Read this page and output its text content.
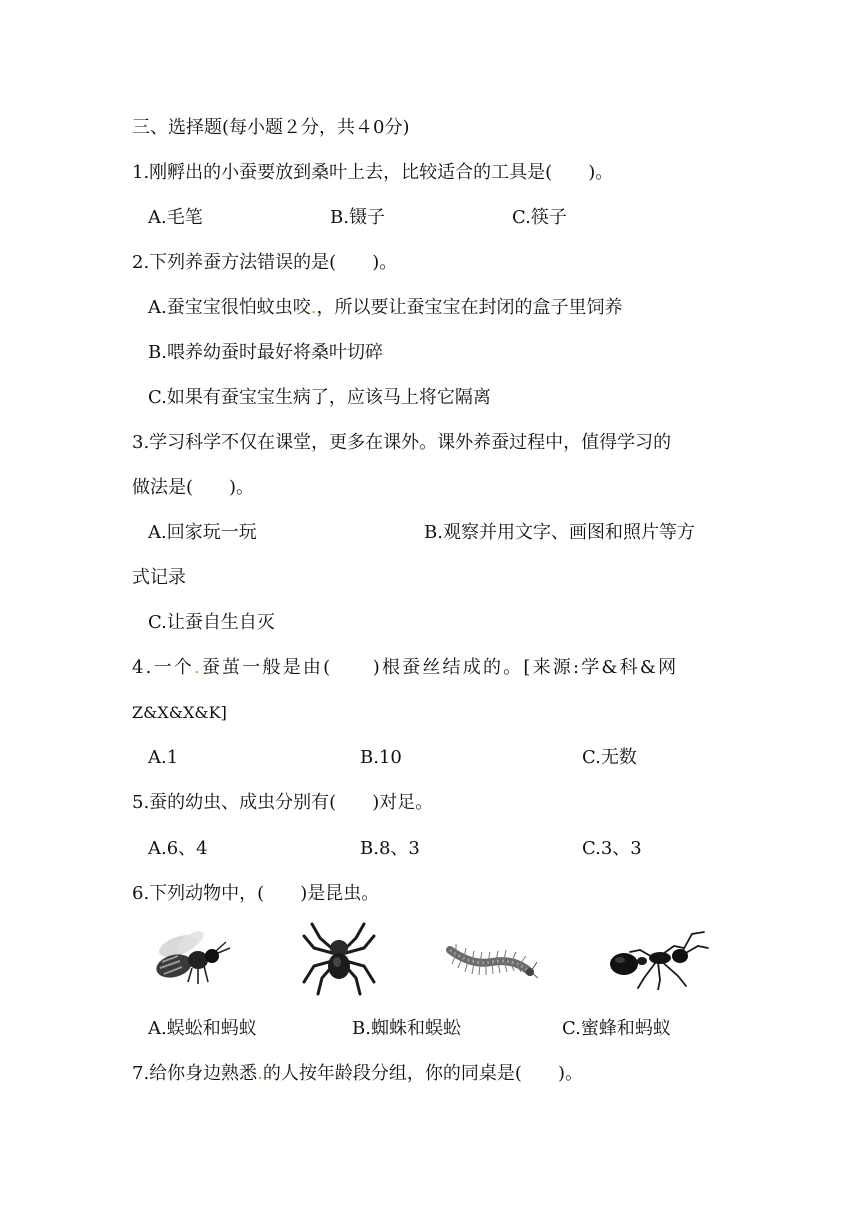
三、选择题(每小题２分，共４0分)
1.刚孵出的小蚕要放到桑叶上去，比较适合的工具是(　　)。
A.毛笔	B.镊子	C.筷子
2.下列养蚕方法错误的是(　　)。
A.蚕宝宝很怕蚊虫咬.，所以要让蚕宝宝在封闭的盒子里饲养
B.喂养幼蚕时最好将桑叶切碎
C.如果有蚕宝宝生病了，应该马上将它隔离
3.学习科学不仅在课堂，更多在课外。课外养蚕过程中，值得学习的
做法是(　　)。
A.回家玩一玩	B.观察并用文字、画图和照片等方
式记录
C.让蚕自生自灭
4.一个.蚕茧一般是由(　　)根蚕丝结成的。[来源:学&科&网
Z&X&X&K]
A.1	B.10	C.无数
5.蚕的幼虫、成虫分别有(　　)对足。
A.6、4	B.8、3	C.3、3
6.下列动物中，(　　)是昆虫。
A.蜈蚣和蚂蚁	B.蜘蛛和蜈蚣	C.蜜蜂和蚂蚁
7.给你身边熟悉.的人按年龄段分组，你的同桌是(　　)。
